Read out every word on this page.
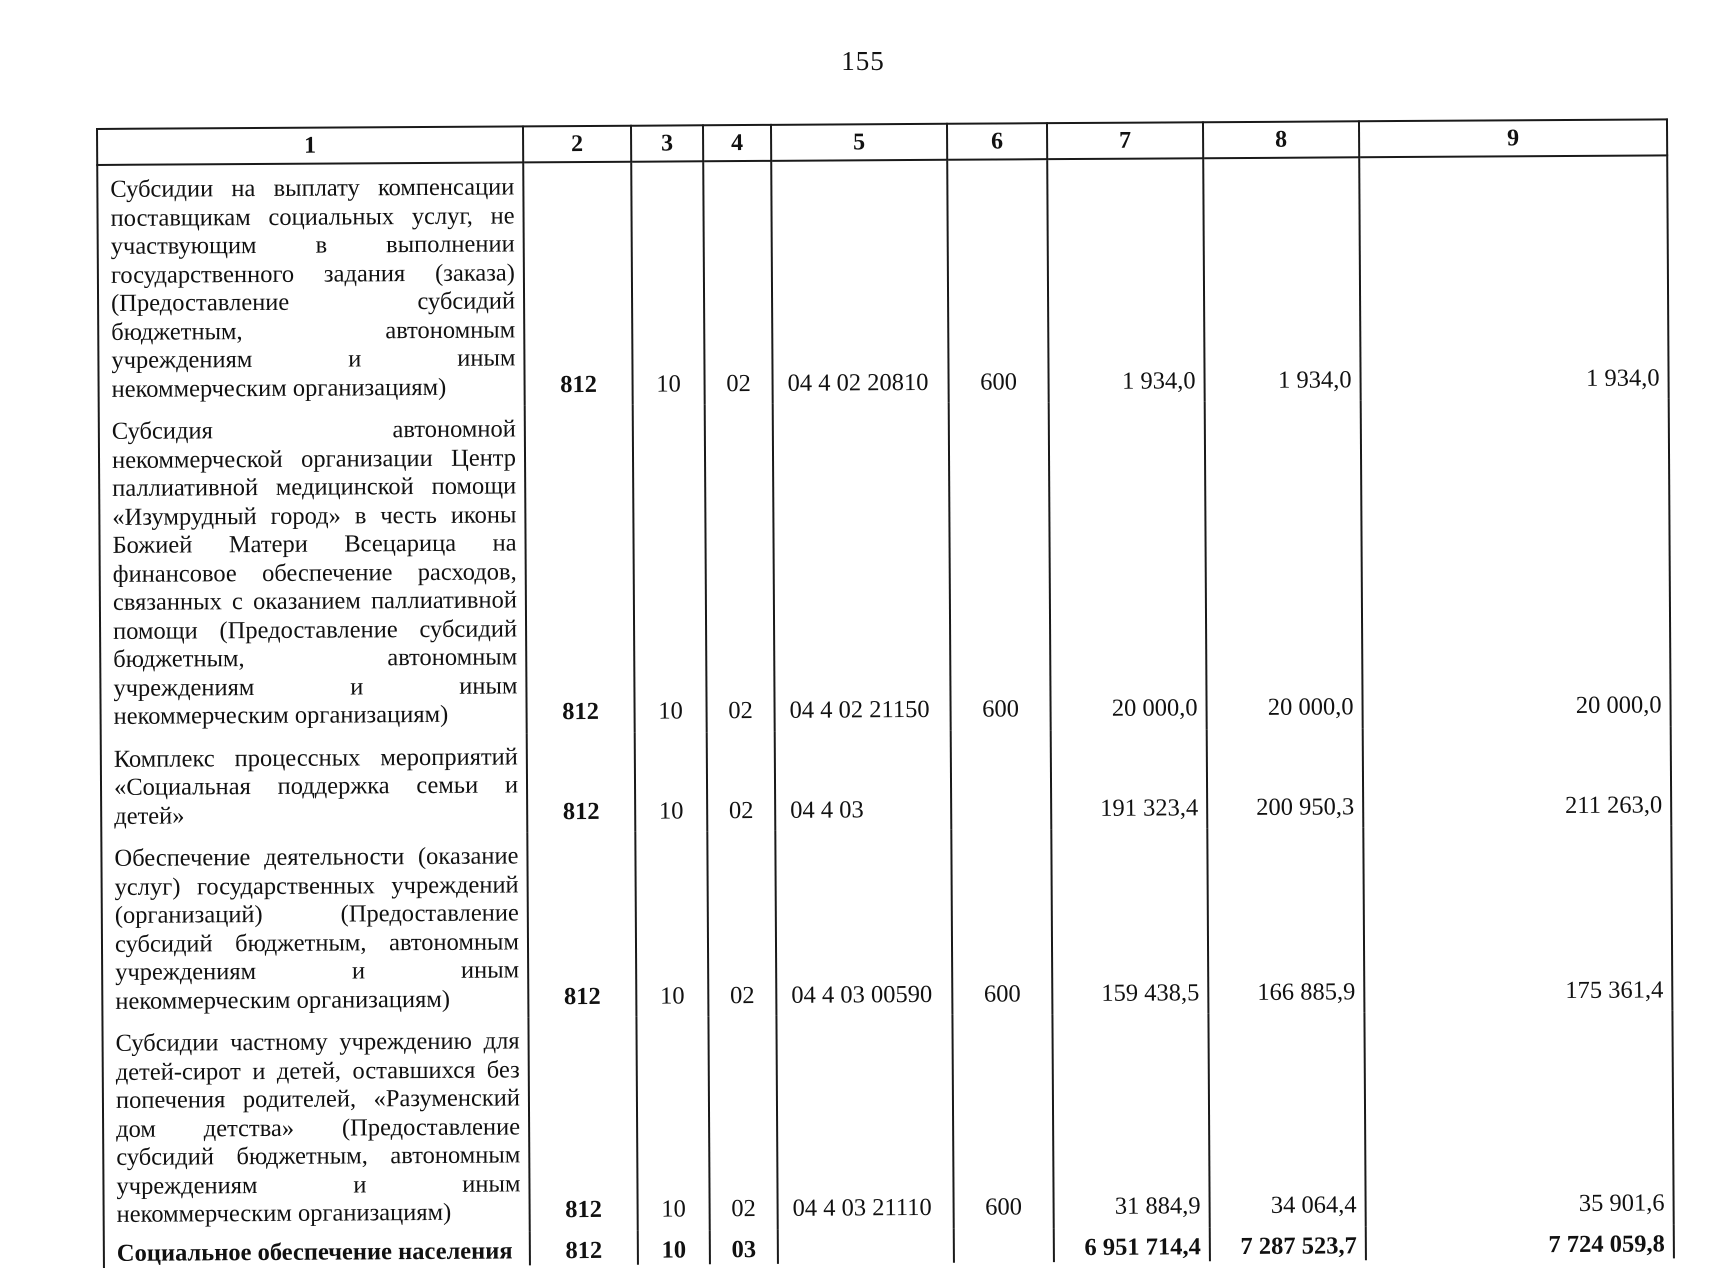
155
1	2	3	4	5	6	7	8	9
Субсидии на выплату компенсации поставщикам социальных услуг, не участвующим в выполнении государственного задания (заказа) (Предоставление субсидий бюджетным, автономным учреждениям и иным некоммерческим организациям)	812	10	02	04 4 02 20810	600	1 934,0	1 934,0	1 934,0
Субсидия автономной некоммерческой организации Центр паллиативной медицинской помощи «Изумрудный город» в честь иконы Божией Матери Всецарица на финансовое обеспечение расходов, связанных с оказанием паллиативной помощи (Предоставление субсидий бюджетным, автономным учреждениям и иным некоммерческим организациям)	812	10	02	04 4 02 21150	600	20 000,0	20 000,0	20 000,0
Комплекс процессных мероприятий «Социальная поддержка семьи и детей»	812	10	02	04 4 03		191 323,4	200 950,3	211 263,0
Обеспечение деятельности (оказание услуг) государственных учреждений (организаций) (Предоставление субсидий бюджетным, автономным учреждениям и иным некоммерческим организациям)	812	10	02	04 4 03 00590	600	159 438,5	166 885,9	175 361,4
Субсидии частному учреждению для детей-сирот и детей, оставшихся без попечения родителей, «Разуменский дом детства» (Предоставление субсидий бюджетным, автономным учреждениям и иным некоммерческим организациям)	812	10	02	04 4 03 21110	600	31 884,9	34 064,4	35 901,6
Социальное обеспечение населения	812	10	03			6 951 714,4	7 287 523,7	7 724 059,8
